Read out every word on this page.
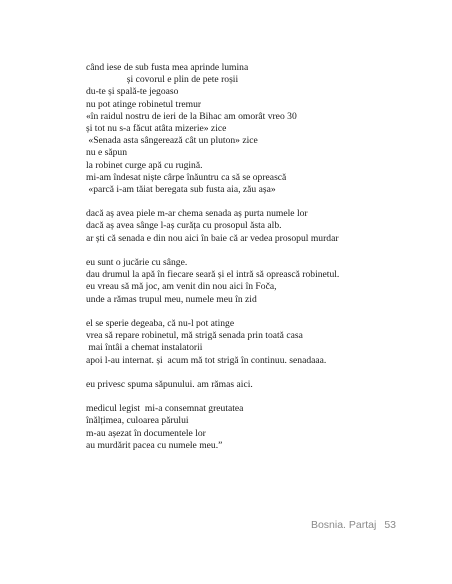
când iese de sub fusta mea aprinde lumina
și covorul e plin de pete roșii
du-te și spală-te jegoaso
nu pot atinge robinetul tremur
«în raidul nostru de ieri de la Bihac am omorât vreo 30
și tot nu s-a făcut atâta mizerie» zice
«Senada asta sângerează cât un pluton» zice
nu e săpun
la robinet curge apă cu rugină.
mi-am îndesat niște cârpe înăuntru ca să se oprească
«parcă i-am tăiat beregata sub fusta aia, zău așa»
dacă aș avea piele m-ar chema senada aș purta numele lor
dacă aș avea sânge l-aș curăța cu prosopul ăsta alb.
ar ști că senada e din nou aici în baie că ar vedea prosopul murdar
eu sunt o jucărie cu sânge.
dau drumul la apă în fiecare seară și el intră să oprească robinetul.
eu vreau să mă joc, am venit din nou aici în Foča,
unde a rămas trupul meu, numele meu în zid
el se sperie degeaba, că nu-l pot atinge
vrea să repare robinetul, mă strigă senada prin toată casa
mai întâi a chemat instalatorii
apoi l-au internat. și  acum mă tot strigă în continuu. senadaaa.
eu privesc spuma săpunului. am rămas aici.
medicul legist  mi-a consemnat greutatea
înălțimea, culoarea părului
m-au așezat în documentele lor
au murdărit pacea cu numele meu.”
Bosnia. Partaj 53
